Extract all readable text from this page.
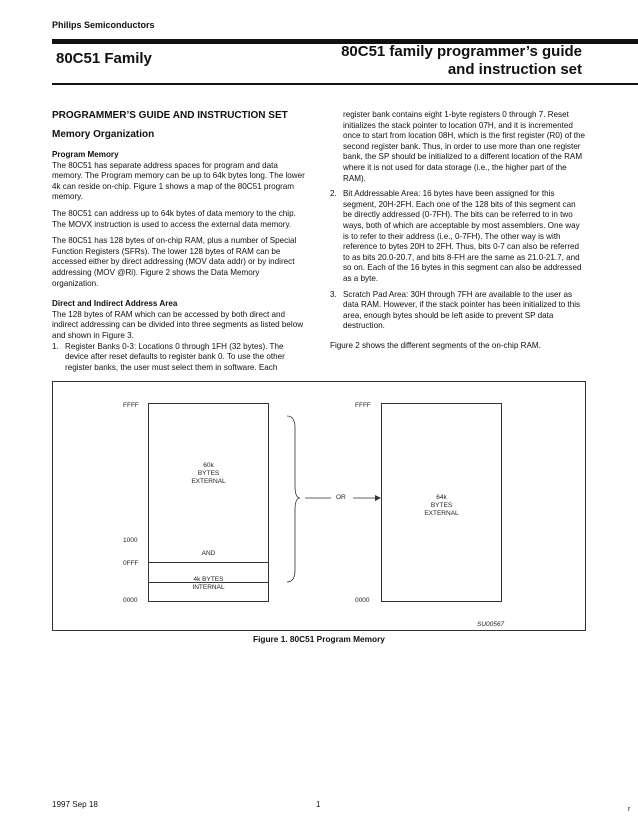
Philips Semiconductors
80C51 Family	80C51 family programmer’s guide
and instruction set
PROGRAMMER’S GUIDE AND INSTRUCTION SET
Memory Organization
Program Memory
The 80C51 has separate address spaces for program and data memory. The Program memory can be up to 64k bytes long. The lower 4k can reside on-chip. Figure 1 shows a map of the 80C51 program memory.
The 80C51 can address up to 64k bytes of data memory to the chip. The MOVX instruction is used to access the external data memory.
The 80C51 has 128 bytes of on-chip RAM, plus a number of Special Function Registers (SFRs). The lower 128 bytes of RAM can be accessed either by direct addressing (MOV data addr) or by indirect addressing (MOV @Ri). Figure 2 shows the Data Memory organization.
Direct and Indirect Address Area
The 128 bytes of RAM which can be accessed by both direct and indirect addressing can be divided into three segments as listed below and shown in Figure 3.
1. Register Banks 0-3: Locations 0 through 1FH (32 bytes). The device after reset defaults to register bank 0. To use the other register banks, the user must select them in software. Each
register bank contains eight 1-byte registers 0 through 7. Reset initializes the stack pointer to location 07H, and it is incremented once to start from location 08H, which is the first register (R0) of the second register bank. Thus, in order to use more than one register bank, the SP should be initialized to a different location of the RAM where it is not used for data storage (i.e., the higher part of the RAM).
2. Bit Addressable Area: 16 bytes have been assigned for this segment, 20H-2FH. Each one of the 128 bits of this segment can be directly addressed (0-7FH). The bits can be referred to in two ways, both of which are acceptable by most assemblers. One way is to refer to their address (i.e., 0-7FH). The other way is with reference to bytes 20H to 2FH. Thus, bits 0-7 can also be referred to as bits 20.0-20.7, and bits 8-FH are the same as 21.0-21.7, and so on. Each of the 16 bytes in this segment can also be addressed as a byte.
3. Scratch Pad Area: 30H through 7FH are available to the user as data RAM. However, if the stack pointer has been initialized to this area, enough bytes should be left aside to prevent SP data destruction.
Figure 2 shows the different segments of the on-chip RAM.
FFFF
60k
BYTES
EXTERNAL
1000
AND
0FFF
4k BYTES
INTERNAL
0000
OR
FFFF
64k
BYTES
EXTERNAL
0000
SU00567
Figure 1. 80C51 Program Memory
1997 Sep 18	1
r
